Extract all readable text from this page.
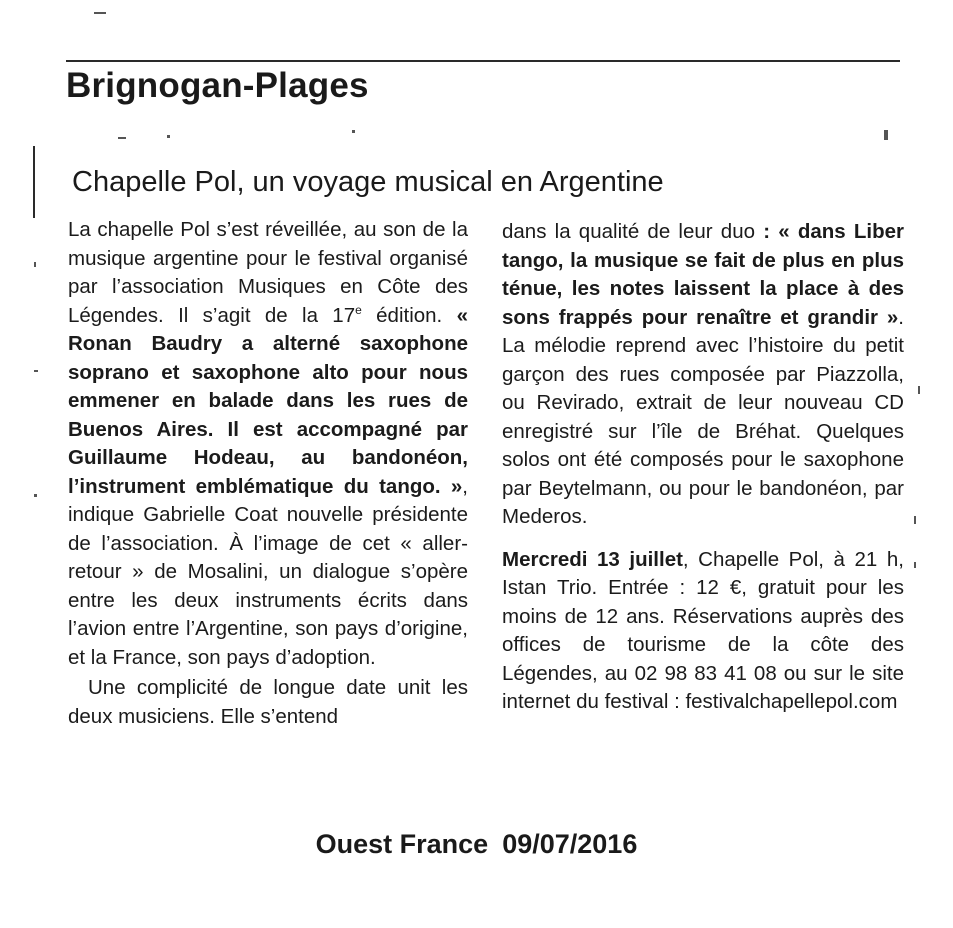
Brignogan-Plages
Chapelle Pol, un voyage musical en Argentine

La chapelle Pol s’est réveillée, au son de la musique argentine pour le festival organisé par l’association Musiques en Côte des Légendes. Il s’agit de la 17e édition. « Ronan Baudry a alterné saxophone soprano et saxophone alto pour nous emmener en balade dans les rues de Buenos Aires. Il est accompagné par Guillaume Hodeau, au bandonéon, l’instrument emblématique du tango. », indique Gabrielle Coat nouvelle présidente de l’association. À l’image de cet « aller-retour » de Mosalini, un dialogue s’opère entre les deux instruments écrits dans l’avion entre l’Argentine, son pays d’origine, et la France, son pays d’adoption.

Une complicité de longue date unit les deux musiciens. Elle s’entend

dans la qualité de leur duo : « dans Liber tango, la musique se fait de plus en plus ténue, les notes laissent la place à des sons frappés pour renaître et grandir ». La mélodie reprend avec l’histoire du petit garçon des rues composée par Piazzolla, ou Revirado, extrait de leur nouveau CD enregistré sur l’île de Bréhat. Quelques solos ont été composés pour le saxophone par Beytelmann, ou pour le bandonéon, par Mederos.

Mercredi 13 juillet, Chapelle Pol, à 21 h, Istan Trio. Entrée : 12 €, gratuit pour les moins de 12 ans. Réservations auprès des offices de tourisme de la côte des Légendes, au 02 98 83 41 08 ou sur le site internet du festival : festivalchapellepol.com

Ouest France 09/07/2016
